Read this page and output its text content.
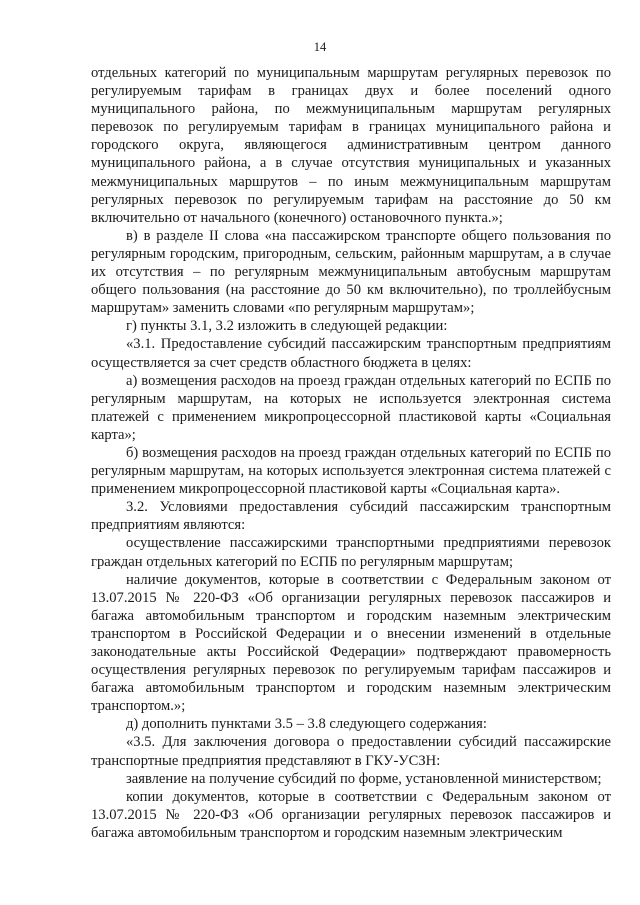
14

отдельных категорий по муниципальным маршрутам регулярных перевозок по регулируемым тарифам в границах двух и более поселений одного муниципального района, по межмуниципальным маршрутам регулярных перевозок по регулируемым тарифам в границах муниципального района и городского округа, являющегося административным центром данного муниципального района, а в случае отсутствия муниципальных и указанных межмуниципальных маршрутов – по иным межмуниципальным маршрутам регулярных перевозок по регулируемым тарифам на расстояние до 50 км включительно от начального (конечного) остановочного пункта.»;

в) в разделе II слова «на пассажирском транспорте общего пользования по регулярным городским, пригородным, сельским, районным маршрутам, а в случае их отсутствия – по регулярным межмуниципальным автобусным маршрутам общего пользования (на расстояние до 50 км включительно), по троллейбусным маршрутам» заменить словами «по регулярным маршрутам»;

г) пункты 3.1, 3.2 изложить в следующей редакции:

«3.1. Предоставление субсидий пассажирским транспортным предприятиям осуществляется за счет средств областного бюджета в целях:

а) возмещения расходов на проезд граждан отдельных категорий по ЕСПБ по регулярным маршрутам, на которых не используется электронная система платежей с применением микропроцессорной пластиковой карты «Социальная карта»;

б) возмещения расходов на проезд граждан отдельных категорий по ЕСПБ по регулярным маршрутам, на которых используется электронная система платежей с применением микропроцессорной пластиковой карты «Социальная карта».

3.2. Условиями предоставления субсидий пассажирским транспортным предприятиям являются:

осуществление пассажирскими транспортными предприятиями перевозок граждан отдельных категорий по ЕСПБ по регулярным маршрутам;

наличие документов, которые в соответствии с Федеральным законом от 13.07.2015 № 220-ФЗ «Об организации регулярных перевозок пассажиров и багажа автомобильным транспортом и городским наземным электрическим транспортом в Российской Федерации и о внесении изменений в отдельные законодательные акты Российской Федерации» подтверждают правомерность осуществления регулярных перевозок по регулируемым тарифам пассажиров и багажа автомобильным транспортом и городским наземным электрическим транспортом.»;

д) дополнить пунктами 3.5 – 3.8 следующего содержания:

«3.5. Для заключения договора о предоставлении субсидий пассажирские транспортные предприятия представляют в ГКУ-УСЗН:

заявление на получение субсидий по форме, установленной министерством;

копии документов, которые в соответствии с Федеральным законом от 13.07.2015 № 220-ФЗ «Об организации регулярных перевозок пассажиров и багажа автомобильным транспортом и городским наземным электрическим
